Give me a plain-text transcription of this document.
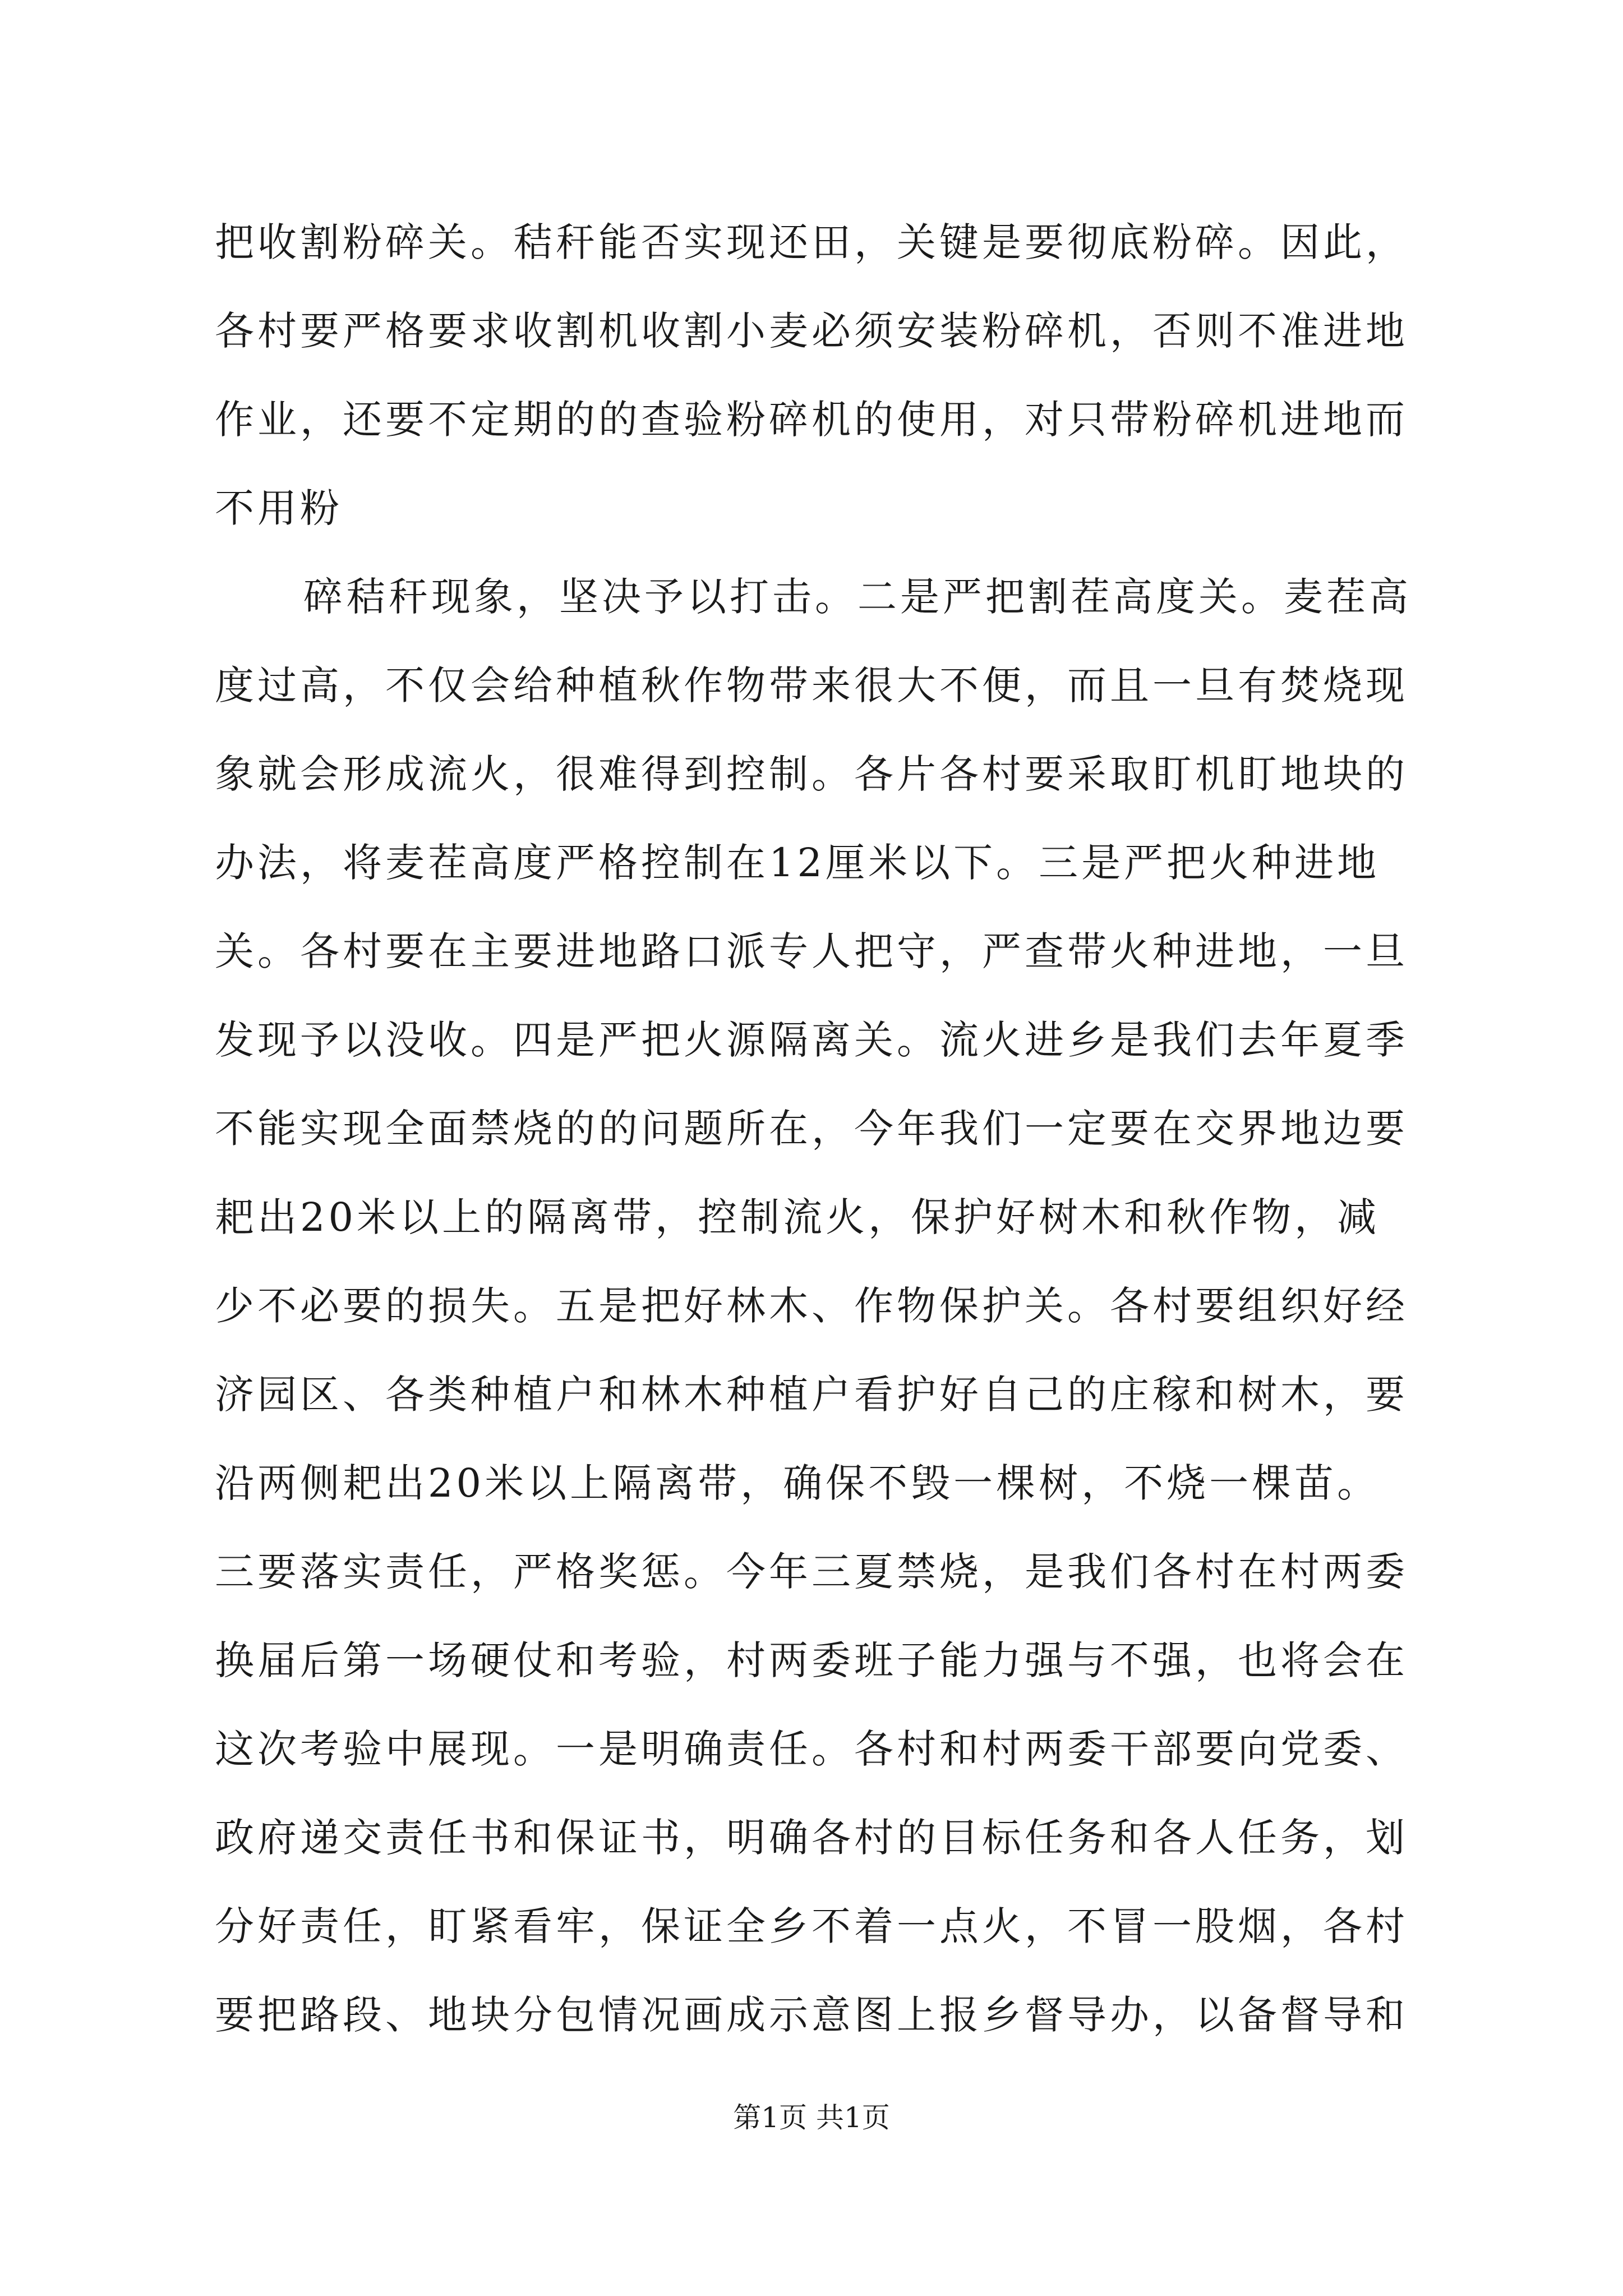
把收割粉碎关。秸秆能否实现还田，关键是要彻底粉碎。因此，
各村要严格要求收割机收割小麦必须安装粉碎机，否则不准进地
作业，还要不定期的的查验粉碎机的使用，对只带粉碎机进地而
不用粉
碎秸秆现象，坚决予以打击。二是严把割茬高度关。麦茬高
度过高，不仅会给种植秋作物带来很大不便，而且一旦有焚烧现
象就会形成流火，很难得到控制。各片各村要采取盯机盯地块的
办法，将麦茬高度严格控制在12厘米以下。三是严把火种进地
关。各村要在主要进地路口派专人把守，严查带火种进地，一旦
发现予以没收。四是严把火源隔离关。流火进乡是我们去年夏季
不能实现全面禁烧的的问题所在，今年我们一定要在交界地边要
耙出20米以上的隔离带，控制流火，保护好树木和秋作物，减
少不必要的损失。五是把好林木、作物保护关。各村要组织好经
济园区、各类种植户和林木种植户看护好自己的庄稼和树木，要
沿两侧耙出20米以上隔离带，确保不毁一棵树，不烧一棵苗。
三要落实责任，严格奖惩。今年三夏禁烧，是我们各村在村两委
换届后第一场硬仗和考验，村两委班子能力强与不强，也将会在
这次考验中展现。一是明确责任。各村和村两委干部要向党委、
政府递交责任书和保证书，明确各村的目标任务和各人任务，划
分好责任，盯紧看牢，保证全乡不着一点火，不冒一股烟，各村
要把路段、地块分包情况画成示意图上报乡督导办，以备督导和
第1页 共1页
